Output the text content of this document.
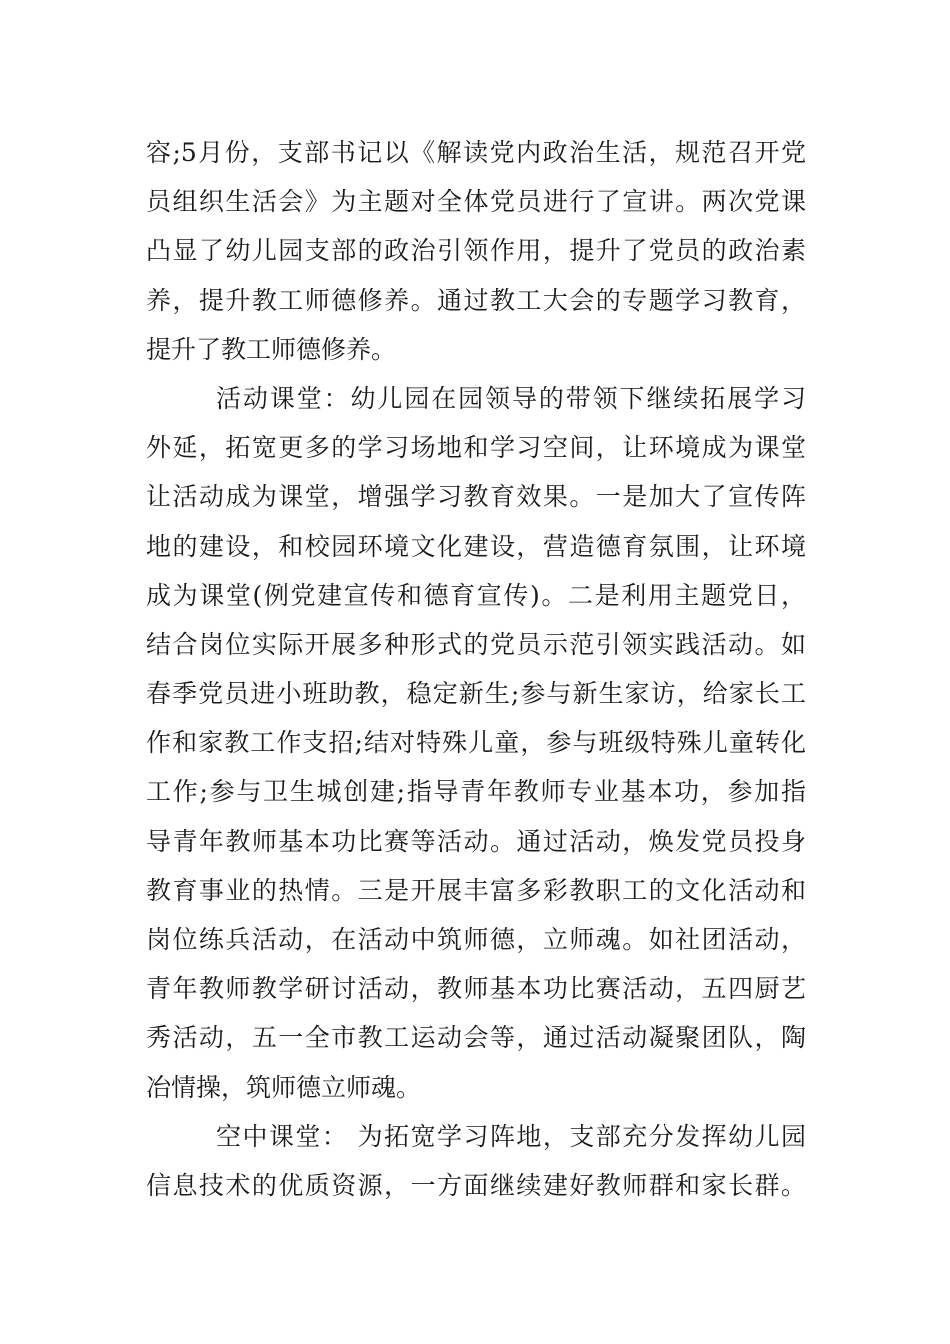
容;5月份，支部书记以《解读党内政治生活，规范召开党
员组织生活会》为主题对全体党员进行了宣讲。两次党课
凸显了幼儿园支部的政治引领作用，提升了党员的政治素
养，提升教工师德修养。通过教工大会的专题学习教育，
提升了教工师德修养。
活动课堂：幼儿园在园领导的带领下继续拓展学习
外延，拓宽更多的学习场地和学习空间，让环境成为课堂
让活动成为课堂，增强学习教育效果。一是加大了宣传阵
地的建设，和校园环境文化建设，营造德育氛围，让环境
成为课堂(例党建宣传和德育宣传)。二是利用主题党日，
结合岗位实际开展多种形式的党员示范引领实践活动。如
春季党员进小班助教，稳定新生;参与新生家访，给家长工
作和家教工作支招;结对特殊儿童，参与班级特殊儿童转化
工作;参与卫生城创建;指导青年教师专业基本功，参加指
导青年教师基本功比赛等活动。通过活动，焕发党员投身
教育事业的热情。三是开展丰富多彩教职工的文化活动和
岗位练兵活动，在活动中筑师德，立师魂。如社团活动，
青年教师教学研讨活动，教师基本功比赛活动，五四厨艺
秀活动，五一全市教工运动会等，通过活动凝聚团队，陶
冶情操，筑师德立师魂。
空中课堂： 为拓宽学习阵地，支部充分发挥幼儿园
信息技术的优质资源，一方面继续建好教师群和家长群。
